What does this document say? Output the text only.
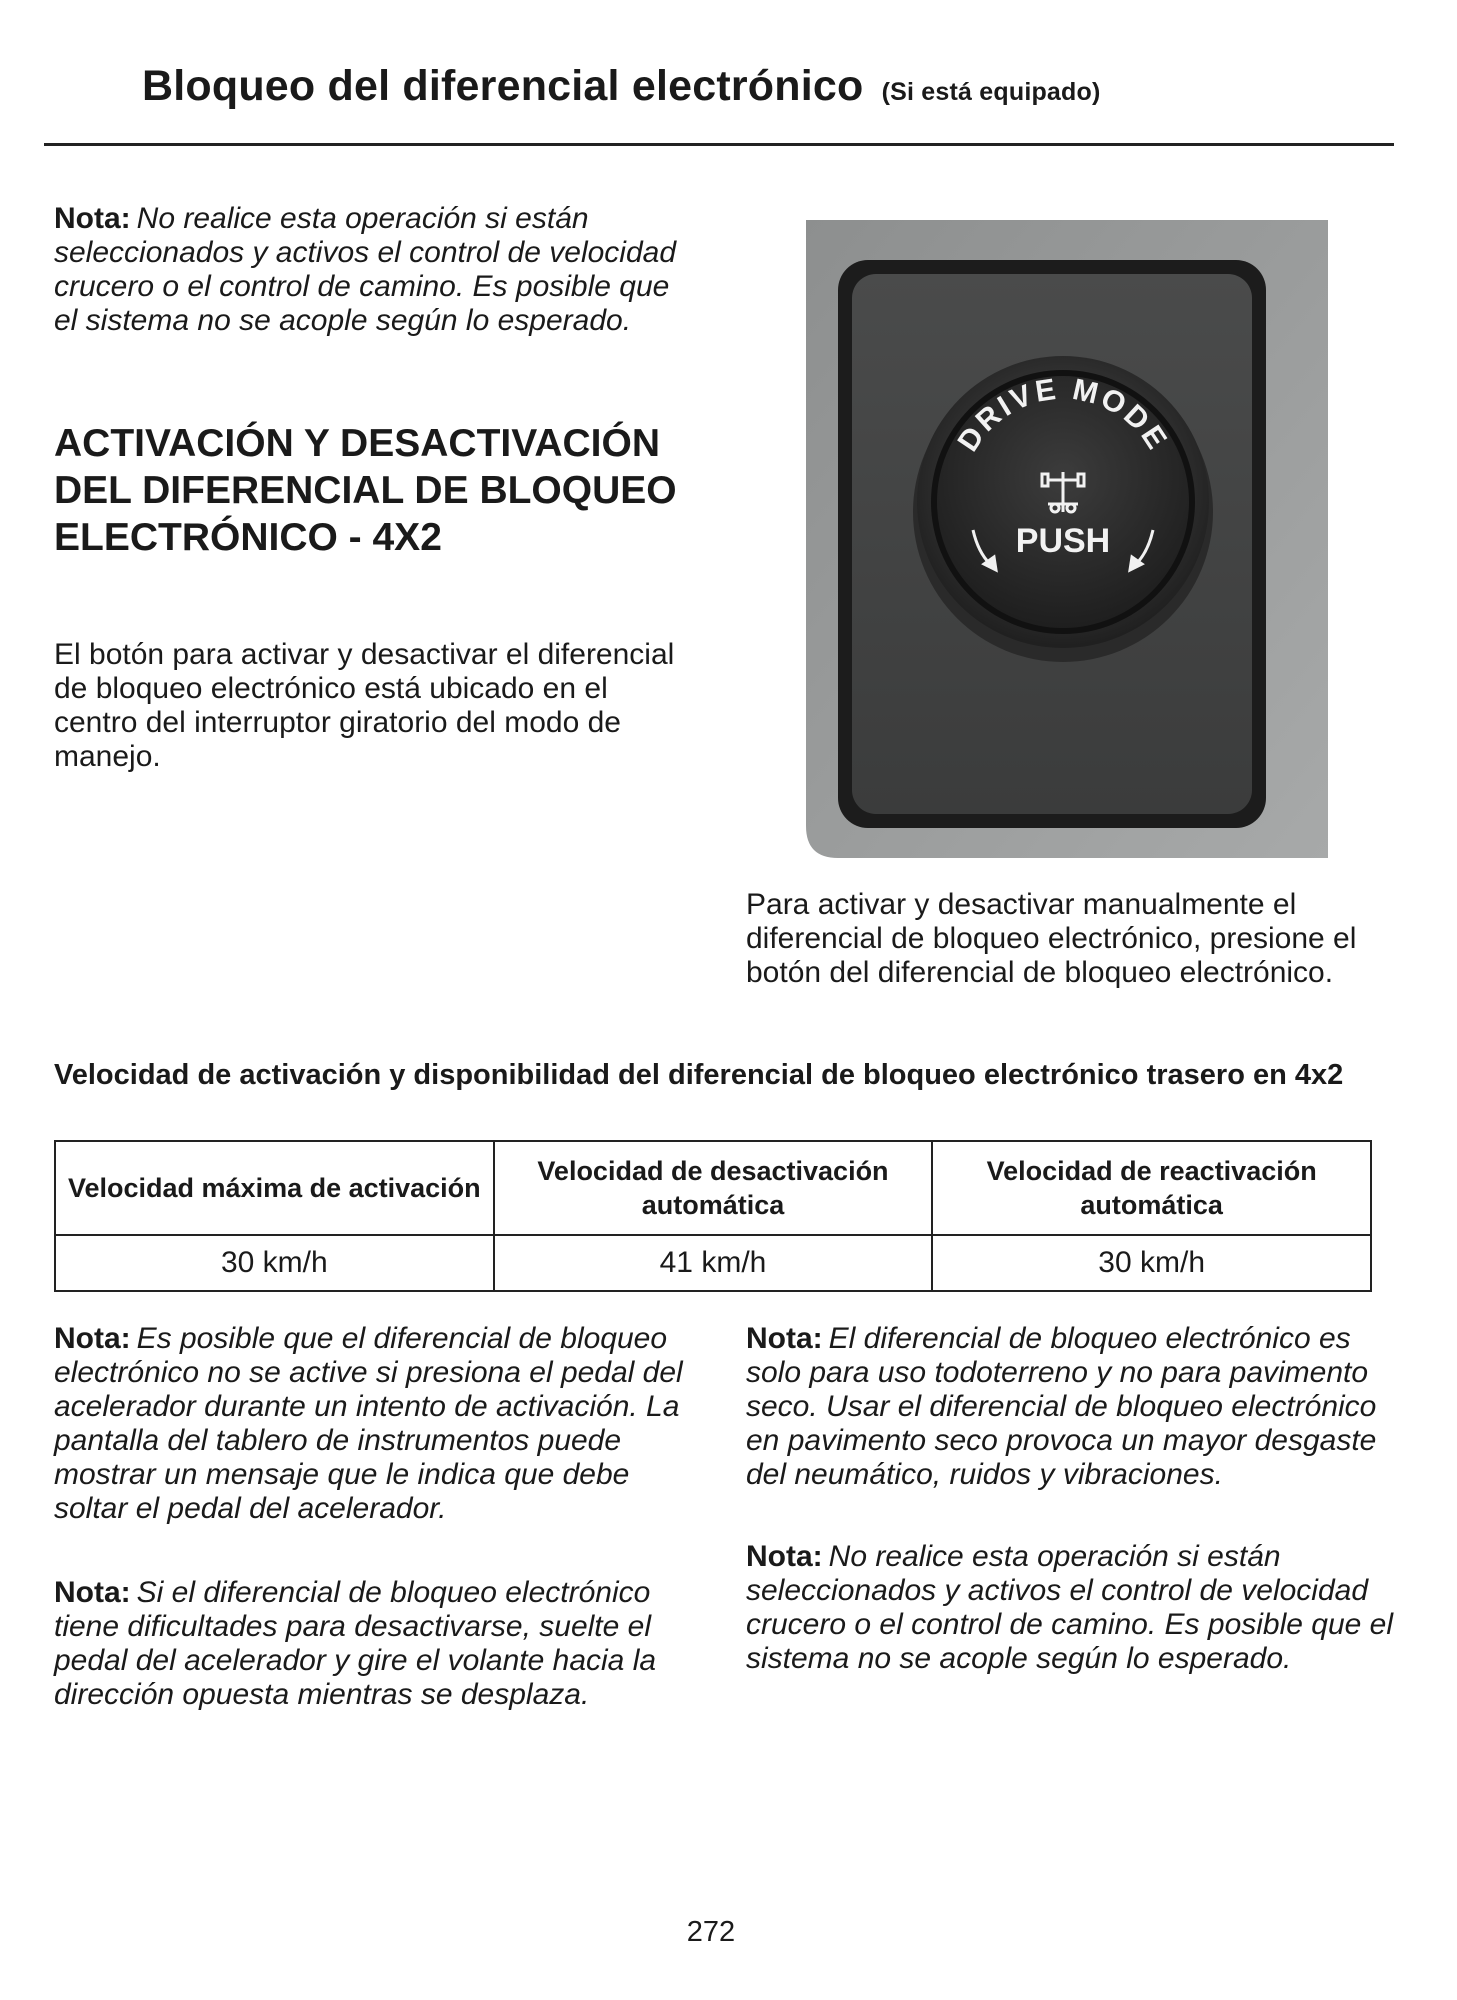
Bloqueo del diferencial electrónico (Si está equipado)

Nota: No realice esta operación si están seleccionados y activos el control de velocidad crucero o el control de camino. Es posible que el sistema no se acople según lo esperado.

ACTIVACIÓN Y DESACTIVACIÓN DEL DIFERENCIAL DE BLOQUEO ELECTRÓNICO - 4X2

El botón para activar y desactivar el diferencial de bloqueo electrónico está ubicado en el centro del interruptor giratorio del modo de manejo.

DRIVE MODE
PUSH

Para activar y desactivar manualmente el diferencial de bloqueo electrónico, presione el botón del diferencial de bloqueo electrónico.

Velocidad de activación y disponibilidad del diferencial de bloqueo electrónico trasero en 4x2
Velocidad máxima de activación	Velocidad de desactivación automática	Velocidad de reactivación automática
30 km/h	41 km/h	30 km/h

Nota: Es posible que el diferencial de bloqueo electrónico no se active si presiona el pedal del acelerador durante un intento de activación. La pantalla del tablero de instrumentos puede mostrar un mensaje que le indica que debe soltar el pedal del acelerador.

Nota: Si el diferencial de bloqueo electrónico tiene dificultades para desactivarse, suelte el pedal del acelerador y gire el volante hacia la dirección opuesta mientras se desplaza.

Nota: El diferencial de bloqueo electrónico es solo para uso todoterreno y no para pavimento seco. Usar el diferencial de bloqueo electrónico en pavimento seco provoca un mayor desgaste del neumático, ruidos y vibraciones.

Nota: No realice esta operación si están seleccionados y activos el control de velocidad crucero o el control de camino. Es posible que el sistema no se acople según lo esperado.

272
